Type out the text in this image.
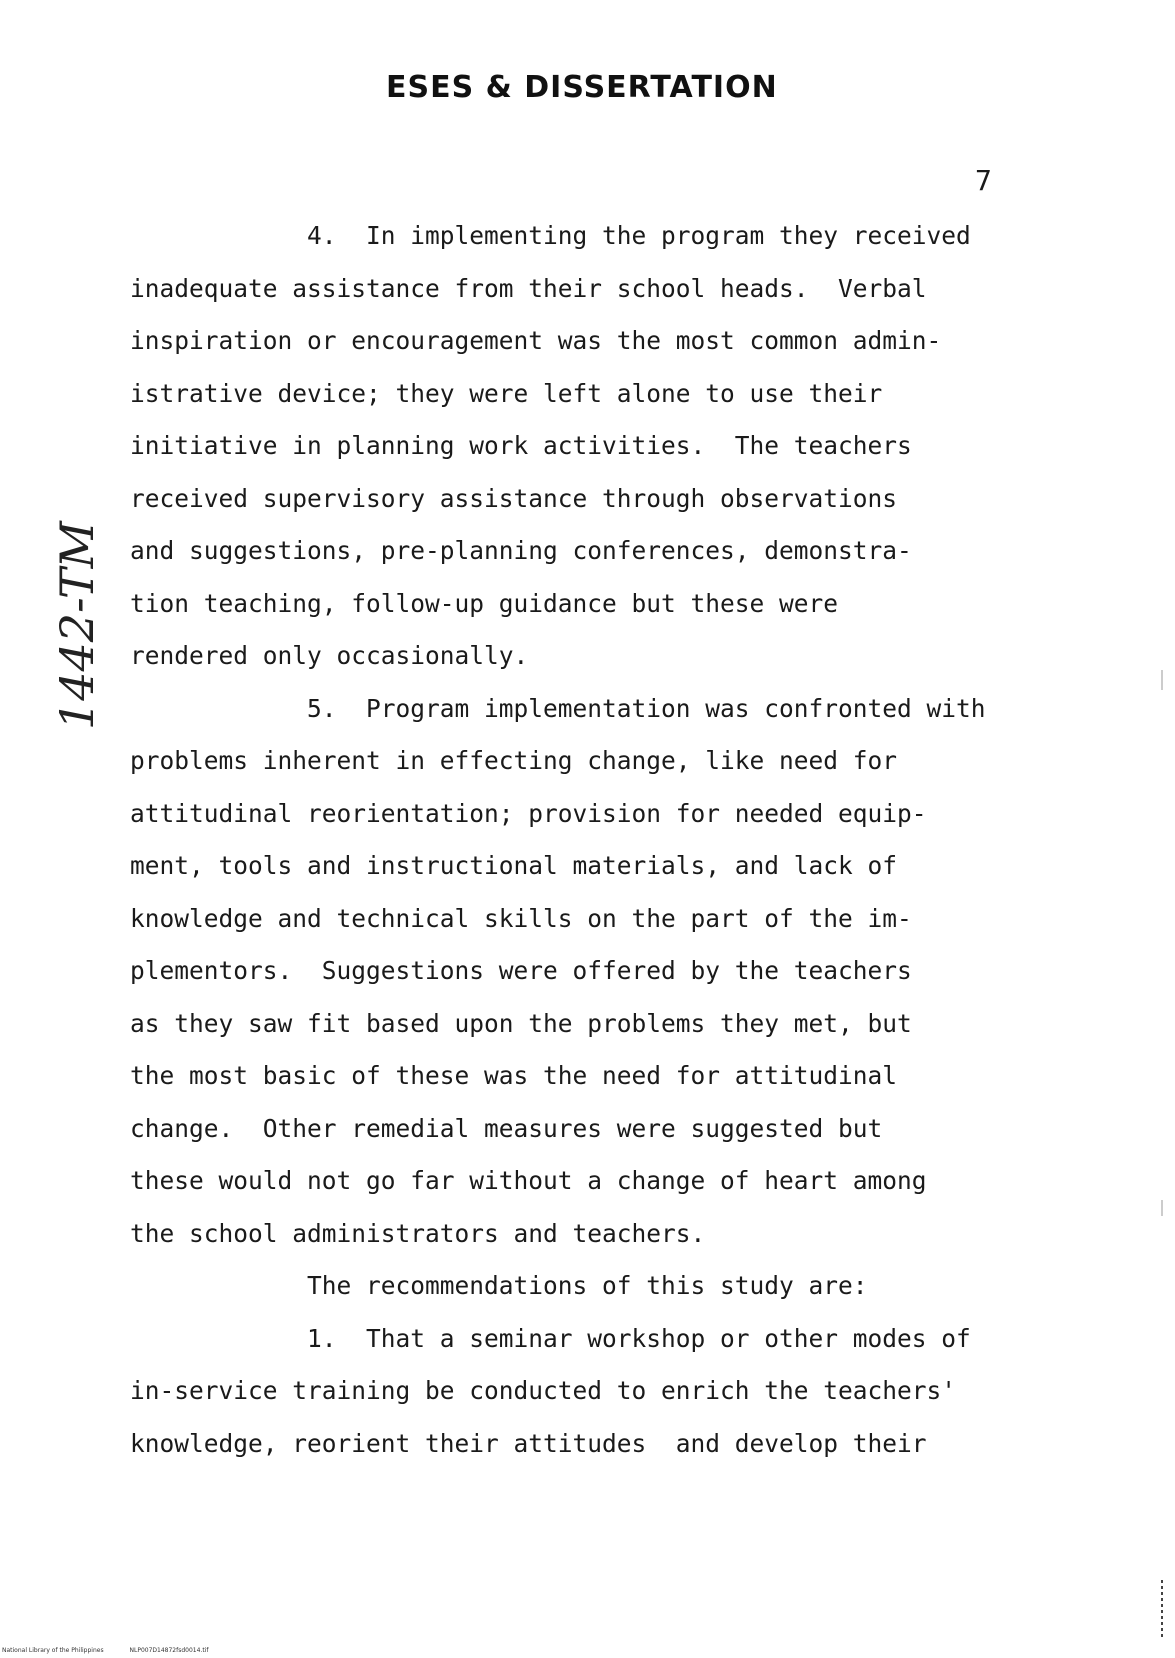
ESES & DISSERTATION
7
1442-TM
4.  In implementing the program they received
inadequate assistance from their school heads.  Verbal
inspiration or encouragement was the most common admin-
istrative device; they were left alone to use their
initiative in planning work activities.  The teachers
received supervisory assistance through observations
and suggestions, pre-planning conferences, demonstra-
tion teaching, follow-up guidance but these were
rendered only occasionally.
5.  Program implementation was confronted with
problems inherent in effecting change, like need for
attitudinal reorientation; provision for needed equip-
ment, tools and instructional materials, and lack of
knowledge and technical skills on the part of the im-
plementors.  Suggestions were offered by the teachers
as they saw fit based upon the problems they met, but
the most basic of these was the need for attitudinal
change.  Other remedial measures were suggested but
these would not go far without a change of heart among
the school administrators and teachers.
The recommendations of this study are:
1.  That a seminar workshop or other modes of
in-service training be conducted to enrich the teachers'
knowledge, reorient their attitudes  and develop their
National Library of the Philippines	NLP007D14872fsd0014.tif
